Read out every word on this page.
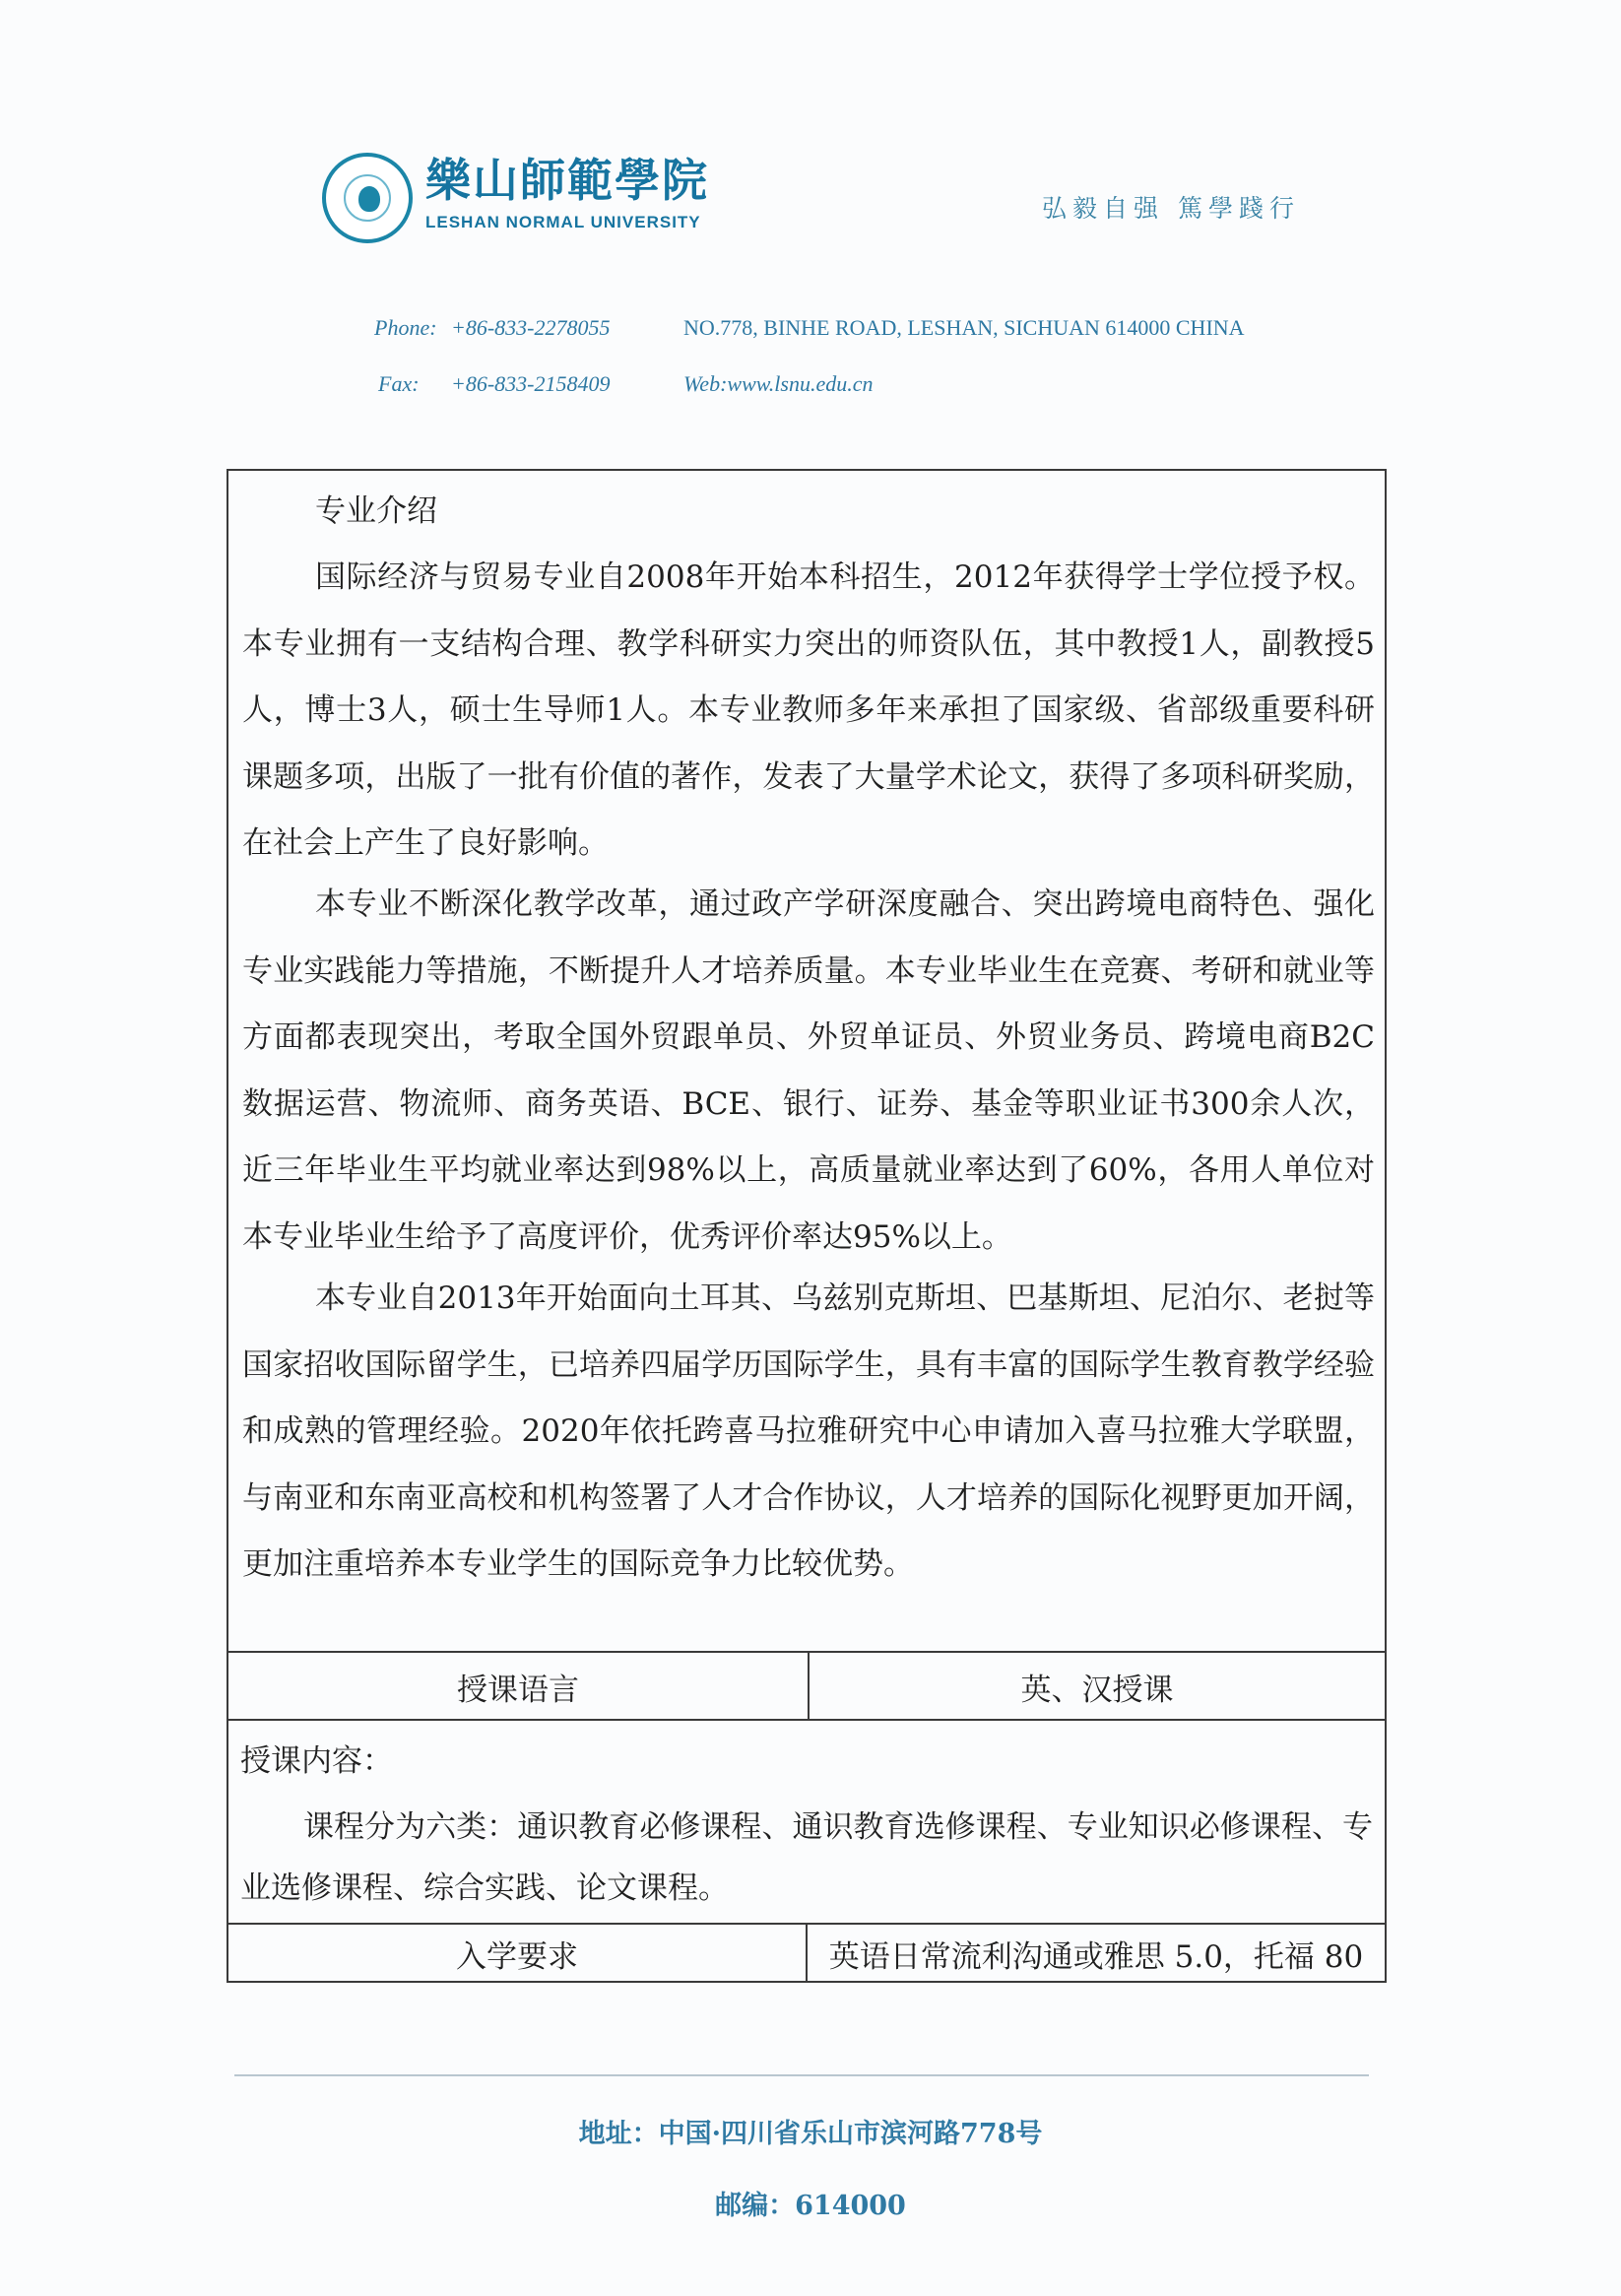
樂山師範學院
LESHAN NORMAL UNIVERSITY	弘毅自强 篤學踐行
Phone: +86-833-2278055	NO.778, BINHE ROAD, LESHAN, SICHUAN 614000 CHINA
Fax: +86-833-2158409	Web:www.lsnu.edu.cn
专业介绍

国际经济与贸易专业自2008年开始本科招生，2012年获得学士学位授予权。本专业拥有一支结构合理、教学科研实力突出的师资队伍，其中教授1人，副教授5人，博士3人，硕士生导师1人。本专业教师多年来承担了国家级、省部级重要科研课题多项，出版了一批有价值的著作，发表了大量学术论文，获得了多项科研奖励，在社会上产生了良好影响。

本专业不断深化教学改革，通过政产学研深度融合、突出跨境电商特色、强化专业实践能力等措施，不断提升人才培养质量。本专业毕业生在竞赛、考研和就业等方面都表现突出，考取全国外贸跟单员、外贸单证员、外贸业务员、跨境电商B2C数据运营、物流师、商务英语、BCE、银行、证券、基金等职业证书300余人次，近三年毕业生平均就业率达到98%以上，高质量就业率达到了60%，各用人单位对本专业毕业生给予了高度评价，优秀评价率达95%以上。

本专业自2013年开始面向土耳其、乌兹别克斯坦、巴基斯坦、尼泊尔、老挝等国家招收国际留学生，已培养四届学历国际学生，具有丰富的国际学生教育教学经验和成熟的管理经验。2020年依托跨喜马拉雅研究中心申请加入喜马拉雅大学联盟，与南亚和东南亚高校和机构签署了人才合作协议，人才培养的国际化视野更加开阔，更加注重培养本专业学生的国际竞争力比较优势。

授课语言	英、汉授课
授课内容：

课程分为六类：通识教育必修课程、通识教育选修课程、专业知识必修课程、专业选修课程、综合实践、论文课程。

入学要求	英语日常流利沟通或雅思 5.0，托福 80
地址：中国·四川省乐山市滨河路778号
邮编：614000
